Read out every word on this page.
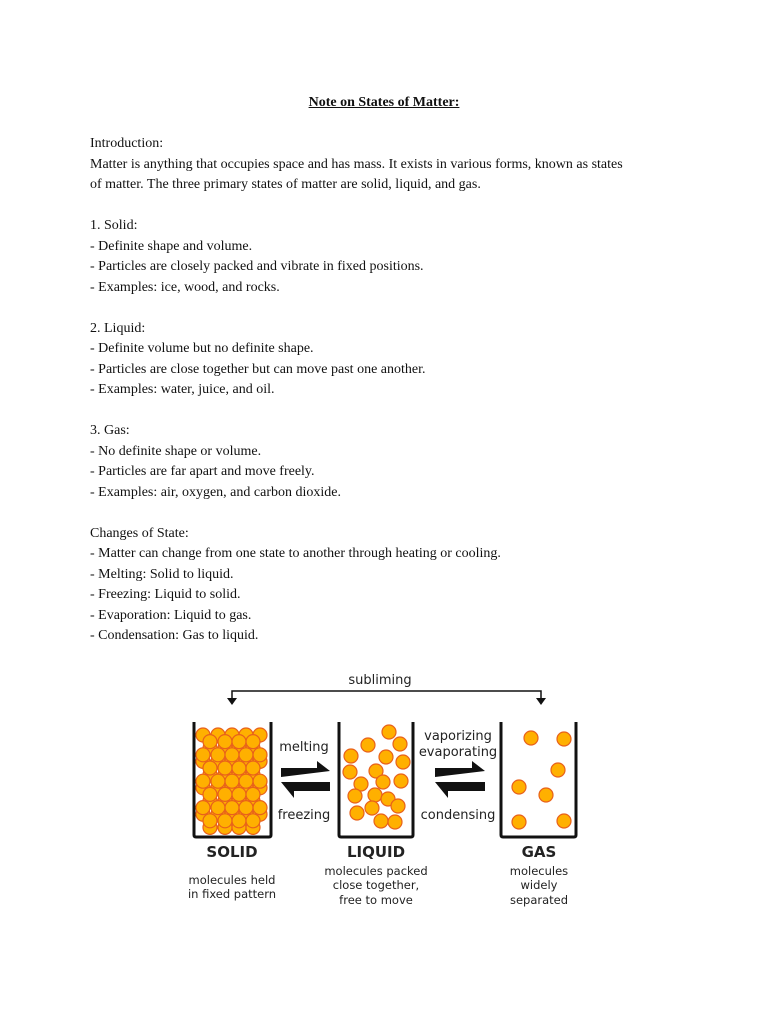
Note on States of Matter:
Introduction:
Matter is anything that occupies space and has mass. It exists in various forms, known as states
of matter. The three primary states of matter are solid, liquid, and gas.
1. Solid:
- Definite shape and volume.
- Particles are closely packed and vibrate in fixed positions.
- Examples: ice, wood, and rocks.
2. Liquid:
- Definite volume but no definite shape.
- Particles are close together but can move past one another.
- Examples: water, juice, and oil.
3. Gas:
- No definite shape or volume.
- Particles are far apart and move freely.
- Examples: air, oxygen, and carbon dioxide.
Changes of State:
- Matter can change from one state to another through heating or cooling.
- Melting: Solid to liquid.
- Freezing: Liquid to solid.
- Evaporation: Liquid to gas.
- Condensation: Gas to liquid.
subliming
melting
freezing
vaporizing
evaporating
condensing
SOLID	LIQUID	GAS
molecules held
in fixed pattern
molecules packed
close together,
free to move
molecules
widely
separated
